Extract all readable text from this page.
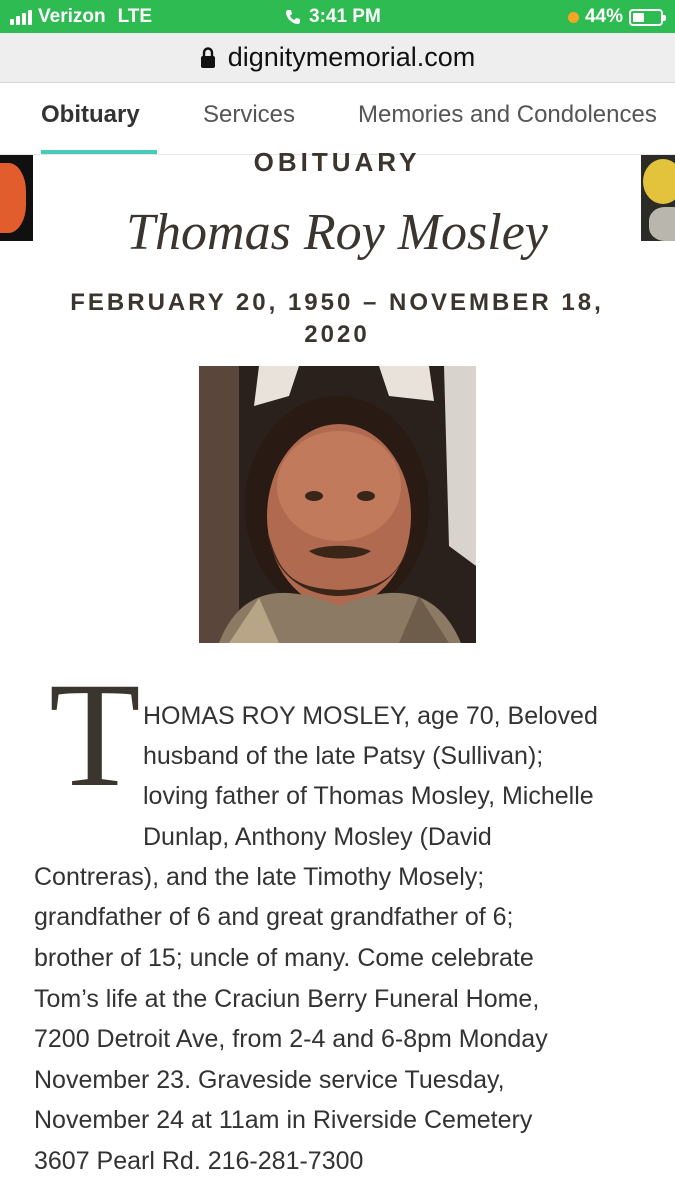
Verizon LTE	3:41 PM	44%
dignitymemorial.com
Obituary	Services	Memories and Condolences
OBITUARY
Thomas Roy Mosley
FEBRUARY 20, 1950 – NOVEMBER 18,
2020
T HOMAS ROY MOSLEY, age 70, Beloved
husband of the late Patsy (Sullivan);
loving father of Thomas Mosley, Michelle
Dunlap, Anthony Mosley (David
Contreras), and the late Timothy Mosely;
grandfather of 6 and great grandfather of 6;
brother of 15; uncle of many. Come celebrate
Tom’s life at the Craciun Berry Funeral Home,
7200 Detroit Ave, from 2-4 and 6-8pm Monday
November 23. Graveside service Tuesday,
November 24 at 11am in Riverside Cemetery
3607 Pearl Rd. 216-281-7300
